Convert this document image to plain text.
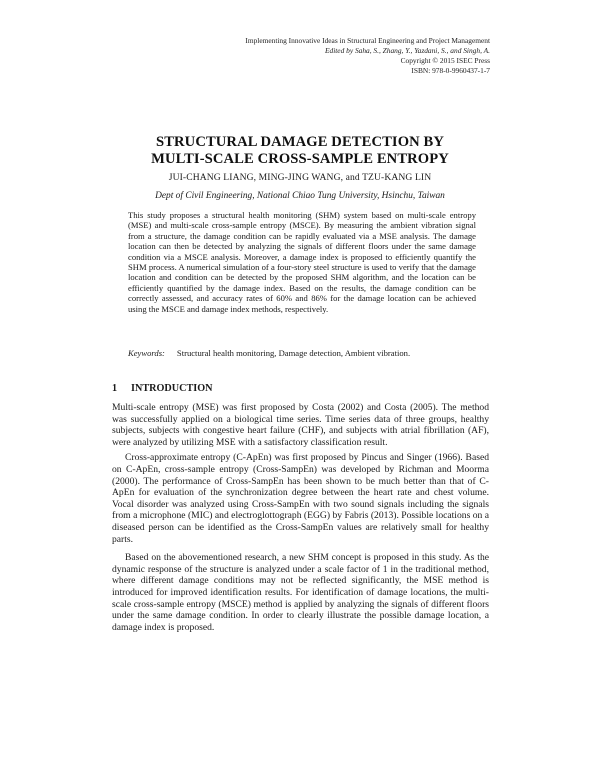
Implementing Innovative Ideas in Structural Engineering and Project Management
Edited by Saha, S., Zhang, Y., Yazdani, S., and Singh, A.
Copyright © 2015 ISEC Press
ISBN: 978-0-9960437-1-7
STRUCTURAL DAMAGE DETECTION BY
MULTI-SCALE CROSS-SAMPLE ENTROPY
JUI-CHANG LIANG, MING-JING WANG, and TZU-KANG LIN
Dept of Civil Engineering, National Chiao Tung University, Hsinchu, Taiwan

This study proposes a structural health monitoring (SHM) system based on multi-scale entropy (MSE) and multi-scale cross-sample entropy (MSCE). By measuring the ambient vibration signal from a structure, the damage condition can be rapidly evaluated via a MSE analysis. The damage location can then be detected by analyzing the signals of different floors under the same damage condition via a MSCE analysis. Moreover, a damage index is proposed to efficiently quantify the SHM process. A numerical simulation of a four-story steel structure is used to verify that the damage location and condition can be detected by the proposed SHM algorithm, and the location can be efficiently quantified by the damage index. Based on the results, the damage condition can be correctly assessed, and accuracy rates of 60% and 86% for the damage location can be achieved using the MSCE and damage index methods, respectively.

Keywords: Structural health monitoring, Damage detection, Ambient vibration.
1 INTRODUCTION

Multi-scale entropy (MSE) was first proposed by Costa (2002) and Costa (2005). The method was successfully applied on a biological time series. Time series data of three groups, healthy subjects, subjects with congestive heart failure (CHF), and subjects with atrial fibrillation (AF), were analyzed by utilizing MSE with a satisfactory classification result.

Cross-approximate entropy (C-ApEn) was first proposed by Pincus and Singer (1966). Based on C-ApEn, cross-sample entropy (Cross-SampEn) was developed by Richman and Moorma (2000). The performance of Cross-SampEn has been shown to be much better than that of C-ApEn for evaluation of the synchronization degree between the heart rate and chest volume. Vocal disorder was analyzed using Cross-SampEn with two sound signals including the signals from a microphone (MIC) and electroglottograph (EGG) by Fabris (2013). Possible locations on a diseased person can be identified as the Cross-SampEn values are relatively small for healthy parts.

Based on the abovementioned research, a new SHM concept is proposed in this study. As the dynamic response of the structure is analyzed under a scale factor of 1 in the traditional method, where different damage conditions may not be reflected significantly, the MSE method is introduced for improved identification results. For identification of damage locations, the multi-scale cross-sample entropy (MSCE) method is applied by analyzing the signals of different floors under the same damage condition. In order to clearly illustrate the possible damage location, a damage index is proposed.
